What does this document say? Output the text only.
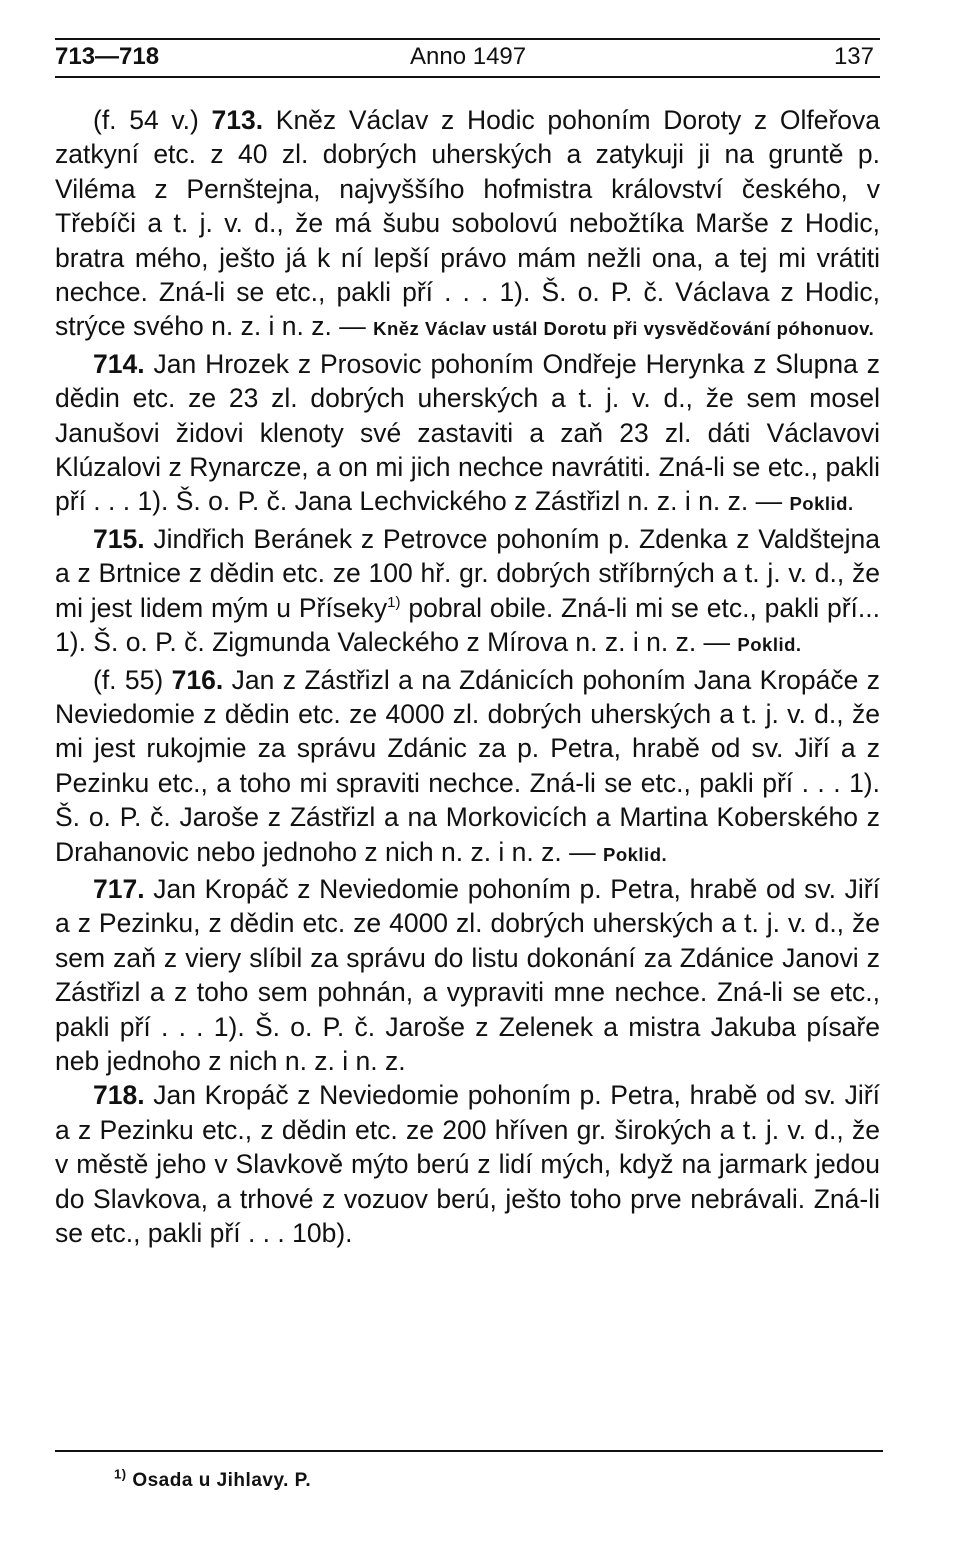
713—718	Anno 1497	137

(f. 54 v.) 713. Kněz Václav z Hodic pohoním Doroty z Olfeřova zatkyní etc. z 40 zl. dobrých uherských a zatykuji ji na gruntě p. Viléma z Pernštejna, najvyššího hofmistra království českého, v Třebíči a t. j. v. d., že má šubu sobolovú nebožtíka Marše z Hodic, bratra mého, ješto já k ní lepší právo mám nežli ona, a tej mi vrátiti nechce. Zná-li se etc., pakli pří . . . 1). Š. o. P. č. Václava z Hodic, strýce svého n. z. i n. z. — Kněz Václav ustál Dorotu při vysvědčování póhonuov.

714. Jan Hrozek z Prosovic pohoním Ondřeje Herynka z Slupna z dědin etc. ze 23 zl. dobrých uherských a t. j. v. d., že sem mosel Janušovi židovi klenoty své zastaviti a zaň 23 zl. dáti Václavovi Klúzalovi z Rynarcze, a on mi jich nechce navrátiti. Zná-li se etc., pakli pří . . . 1). Š. o. P. č. Jana Lechvického z Zástřizl n. z. i n. z. — Poklid.

715. Jindřich Beránek z Petrovce pohoním p. Zdenka z Valdštejna a z Brtnice z dědin etc. ze 100 hř. gr. dobrých stříbrných a t. j. v. d., že mi jest lidem mým u Příseky$^{1)}$ pobral obile. Zná-li mi se etc., pakli pří... 1). Š. o. P. č. Zigmunda Valeckého z Mírova n. z. i n. z. — Poklid.

(f. 55) 716. Jan z Zástřizl a na Zdánicích pohoním Jana Kropáče z Neviedomie z dědin etc. ze 4000 zl. dobrých uherských a t. j. v. d., že mi jest rukojmie za správu Zdánic za p. Petra, hrabě od sv. Jiří a z Pezinku etc., a toho mi spraviti nechce. Zná-li se etc., pakli pří . . . 1). Š. o. P. č. Jaroše z Zástřizl a na Morkovicích a Martina Koberského z Drahanovic nebo jednoho z nich n. z. i n. z. — Poklid.

717. Jan Kropáč z Neviedomie pohoním p. Petra, hrabě od sv. Jiří a z Pezinku, z dědin etc. ze 4000 zl. dobrých uherských a t. j. v. d., že sem zaň z viery slíbil za správu do listu dokonání za Zdánice Janovi z Zástřizl a z toho sem pohnán, a vypraviti mne nechce. Zná-li se etc., pakli pří . . . 1). Š. o. P. č. Jaroše z Zelenek a mistra Jakuba písaře neb jednoho z nich n. z. i n. z.

718. Jan Kropáč z Neviedomie pohoním p. Petra, hrabě od sv. Jiří a z Pezinku etc., z dědin etc. ze 200 hříven gr. širokých a t. j. v. d., že v městě jeho v Slavkově mýto berú z lidí mých, když na jarmark jedou do Slavkova, a trhové z vozuov berú, ješto toho prve nebrávali. Zná-li se etc., pakli pří . . . 10b).

$^{1)}$ Osada u Jihlavy. P.
